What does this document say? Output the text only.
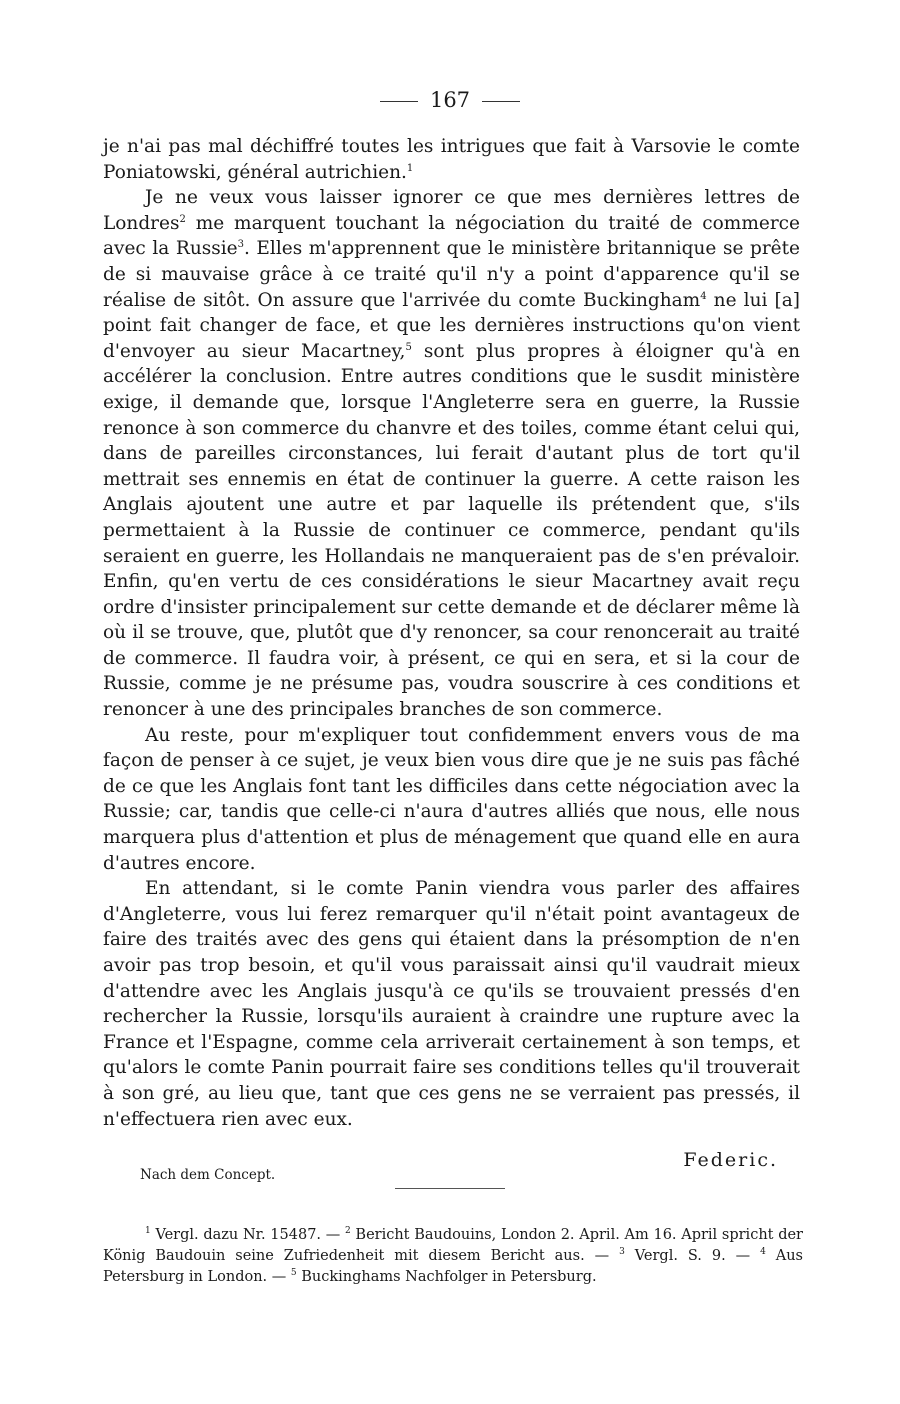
167

je n'ai pas mal déchiffré toutes les intrigues que fait à Varsovie le comte Poniatowski, général autrichien.$^1$

Je ne veux vous laisser ignorer ce que mes dernières lettres de Londres$^2$ me marquent touchant la négociation du traité de commerce avec la Russie$^3$. Elles m'apprennent que le ministère britannique se prête de si mauvaise grâce à ce traité qu'il n'y a point d'apparence qu'il se réalise de sitôt. On assure que l'arrivée du comte Buckingham$^4$ ne lui [a] point fait changer de face, et que les dernières instructions qu'on vient d'envoyer au sieur Macartney,$^5$ sont plus propres à éloigner qu'à en accélérer la conclusion. Entre autres conditions que le susdit ministère exige, il demande que, lorsque l'Angleterre sera en guerre, la Russie renonce à son commerce du chanvre et des toiles, comme étant celui qui, dans de pareilles circonstances, lui ferait d'autant plus de tort qu'il mettrait ses ennemis en état de continuer la guerre. A cette raison les Anglais ajoutent une autre et par laquelle ils prétendent que, s'ils permettaient à la Russie de continuer ce commerce, pendant qu'ils seraient en guerre, les Hollandais ne manqueraient pas de s'en prévaloir. Enfin, qu'en vertu de ces considérations le sieur Macartney avait reçu ordre d'insister principalement sur cette demande et de déclarer même là où il se trouve, que, plutôt que d'y renoncer, sa cour renoncerait au traité de commerce. Il faudra voir, à présent, ce qui en sera, et si la cour de Russie, comme je ne présume pas, voudra souscrire à ces conditions et renoncer à une des principales branches de son commerce.

Au reste, pour m'expliquer tout confidemment envers vous de ma façon de penser à ce sujet, je veux bien vous dire que je ne suis pas fâché de ce que les Anglais font tant les difficiles dans cette négociation avec la Russie; car, tandis que celle-ci n'aura d'autres alliés que nous, elle nous marquera plus d'attention et plus de ménagement que quand elle en aura d'autres encore.

En attendant, si le comte Panin viendra vous parler des affaires d'Angleterre, vous lui ferez remarquer qu'il n'était point avantageux de faire des traités avec des gens qui étaient dans la présomption de n'en avoir pas trop besoin, et qu'il vous paraissait ainsi qu'il vaudrait mieux d'attendre avec les Anglais jusqu'à ce qu'ils se trouvaient pressés d'en rechercher la Russie, lorsqu'ils auraient à craindre une rupture avec la France et l'Espagne, comme cela arriverait certainement à son temps, et qu'alors le comte Panin pourrait faire ses conditions telles qu'il trouverait à son gré, au lieu que, tant que ces gens ne se verraient pas pressés, il n'effectuera rien avec eux.

Federic.
Nach dem Concept.
$^1$ Vergl. dazu Nr. 15487. — $^2$ Bericht Baudouins, London 2. April. Am 16. April spricht der König Baudouin seine Zufriedenheit mit diesem Bericht aus. — $^3$ Vergl. S. 9. — $^4$ Aus Petersburg in London. — $^5$ Buckinghams Nachfolger in Petersburg.
